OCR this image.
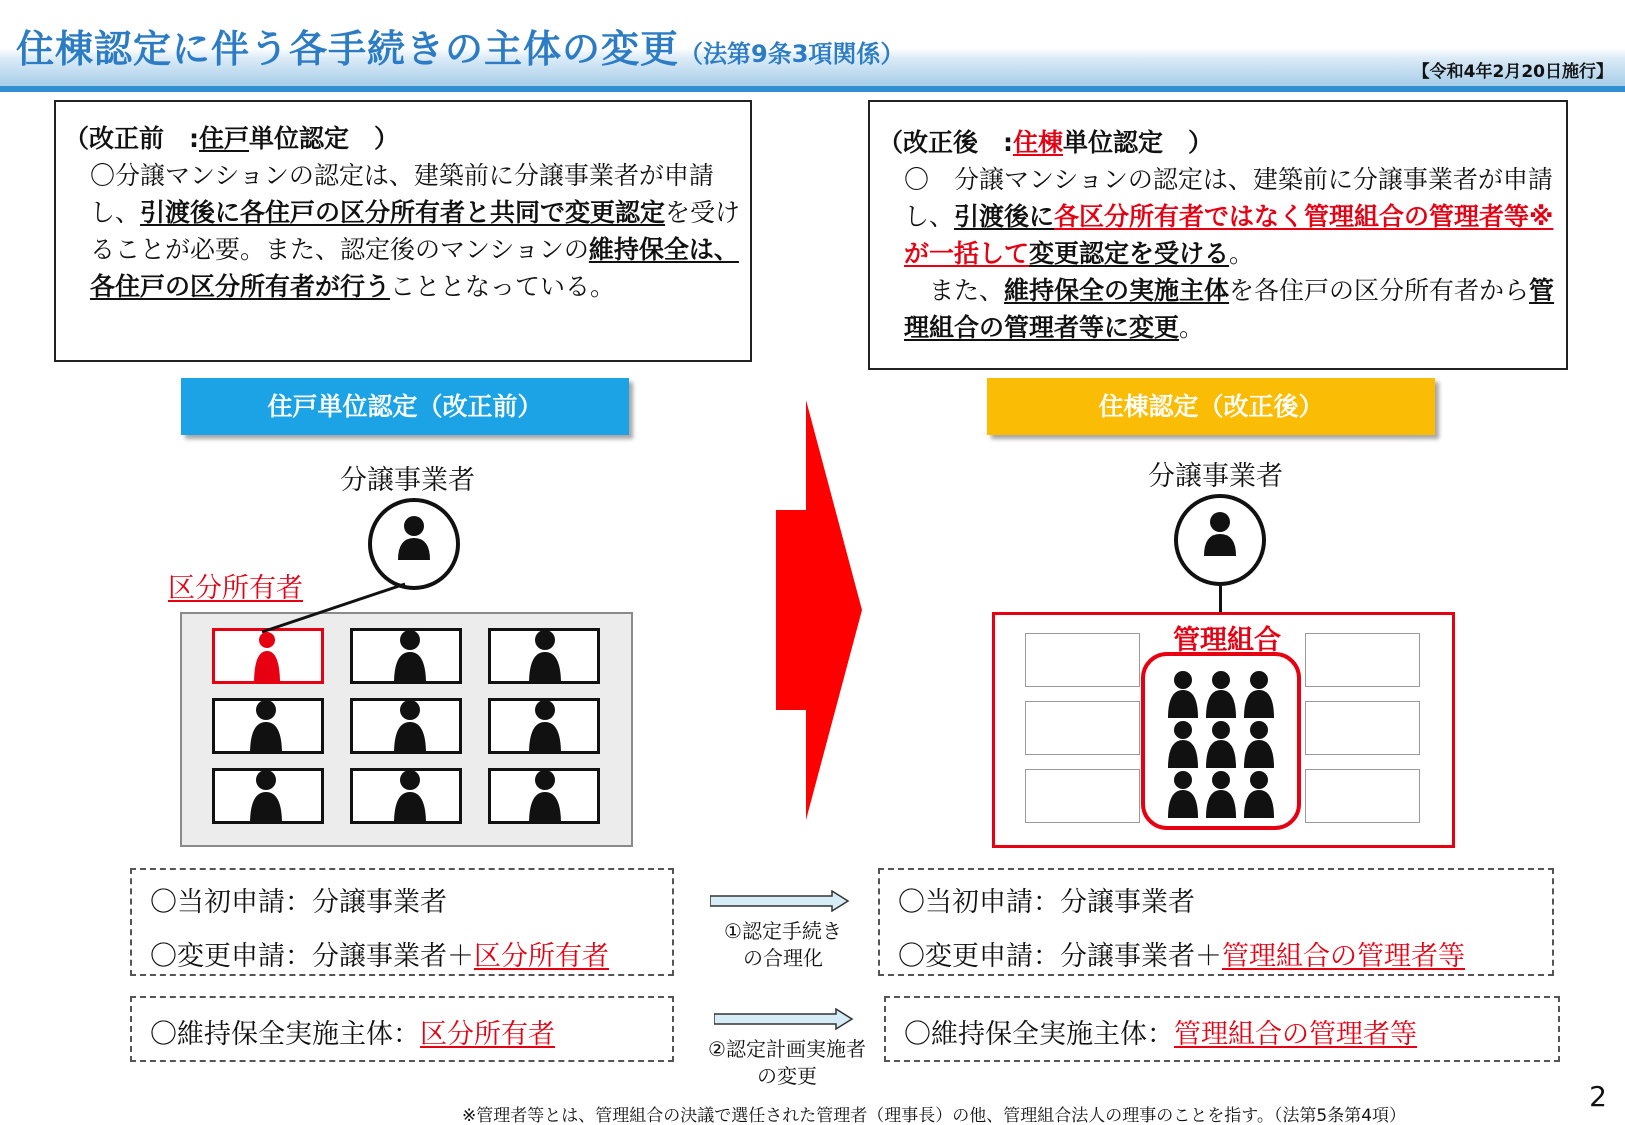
住棟認定に伴う各手続きの主体の変更（法第9条3項関係）
【令和4年2月20日施行】
（改正前　:住戸単位認定　）
〇分譲マンションの認定は、建築前に分譲事業者が申請し、引渡後に各住戸の区分所有者と共同で変更認定を受けることが必要。また、認定後のマンションの維持保全は、各住戸の区分所有者が行うこととなっている。
（改正後　:住棟単位認定　）
〇　分譲マンションの認定は、建築前に分譲事業者が申請し、引渡後に各区分所有者ではなく管理組合の管理者等※が一括して変更認定を受ける。
　また、維持保全の実施主体を各住戸の区分所有者から管理組合の管理者等に変更。
住戸単位認定（改正前）	住棟認定（改正後）
分譲事業者
区分所有者
分譲事業者
管理組合
〇当初申請：分譲事業者
〇変更申請：分譲事業者＋区分所有者
〇維持保全実施主体：区分所有者
〇当初申請：分譲事業者
〇変更申請：分譲事業者＋管理組合の管理者等
〇維持保全実施主体：管理組合の管理者等
①認定手続き
の合理化
②認定計画実施者
の変更
※管理者等とは、管理組合の決議で選任された管理者（理事長）の他、管理組合法人の理事のことを指す。（法第5条第4項）
2
